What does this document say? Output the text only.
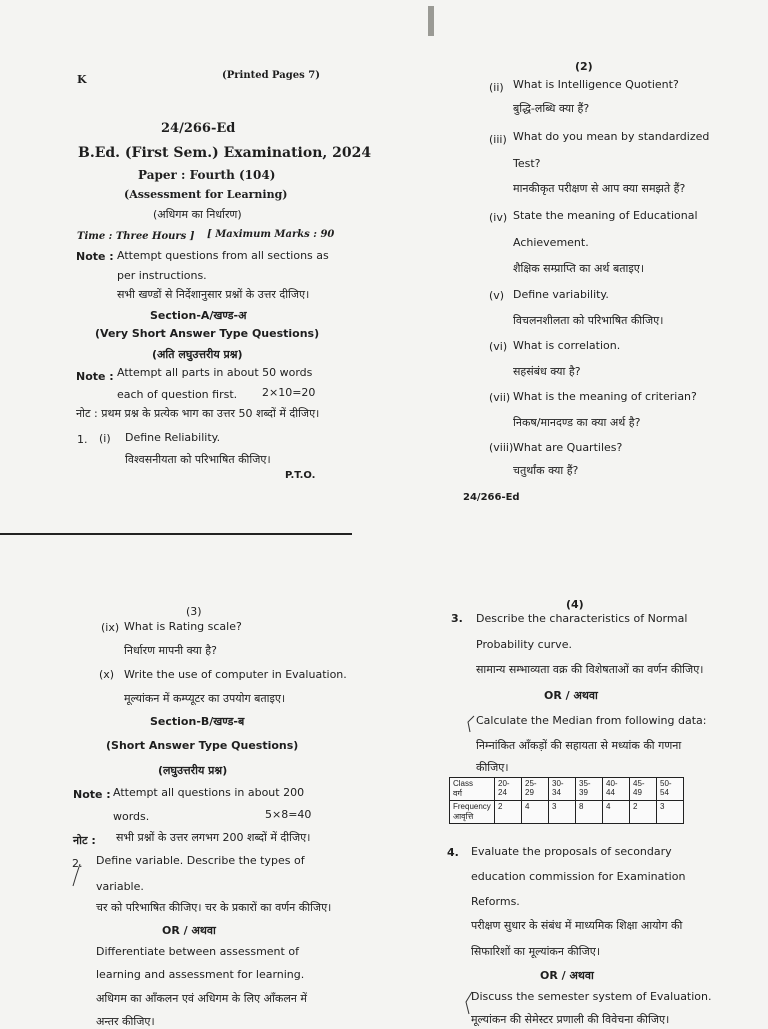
K	(Printed Pages 7)
24/266-Ed
B.Ed. (First Sem.) Examination, 2024
Paper : Fourth (104)
(Assessment for Learning)
(अधिगम का निर्धारण)
Time : Three Hours ] [ Maximum Marks : 90
Note : Attempt questions from all sections as
per instructions.
सभी खण्डों से निर्देशानुसार प्रश्नों के उत्तर दीजिए।
Section-A/खण्ड-अ
(Very Short Answer Type Questions)
(अति लघुउत्तरीय प्रश्न)
Note : Attempt all parts in about 50 words
each of question first. 2×10=20
नोट : प्रथम प्रश्न के प्रत्येक भाग का उत्तर 50 शब्दों में दीजिए।
1. (i) Define Reliability.
विश्वसनीयता को परिभाषित कीजिए।
P.T.O.
(2)
(ii) What is Intelligence Quotient?
बुद्धि-लब्धि क्या हैं?
(iii) What do you mean by standardized
Test?
मानकीकृत परीक्षण से आप क्या समझते हैं?
(iv) State the meaning of Educational
Achievement.
शैक्षिक सम्प्राप्ति का अर्थ बताइए।
(v) Define variability.
विचलनशीलता को परिभाषित कीजिए।
(vi) What is correlation.
सहसंबंध क्या है?
(vii) What is the meaning of criterian?
निकष/मानदण्ड का क्या अर्थ है?
(viii) What are Quartiles?
चतुर्थांक क्या हैं?
24/266-Ed
(3)
(ix) What is Rating scale?
निर्धारण मापनी क्या है?
(x) Write the use of computer in Evaluation.
मूल्यांकन में कम्प्यूटर का उपयोग बताइए।
Section-B/खण्ड-ब
(Short Answer Type Questions)
(लघुउत्तरीय प्रश्न)
Note : Attempt all questions in about 200
words.	5×8=40
नोट : सभी प्रश्नों के उत्तर लगभग 200 शब्दों में दीजिए।
2. Define variable. Describe the types of
variable.
चर को परिभाषित कीजिए। चर के प्रकारों का वर्णन कीजिए।
OR / अथवा
Differentiate between assessment of
learning and assessment for learning.
अधिगम का आँकलन एवं अधिगम के लिए आँकलन में
अन्तर कीजिए।
(4)
3. Describe the characteristics of Normal
Probability curve.
सामान्य सम्भाव्यता वक्र की विशेषताओं का वर्णन कीजिए।
OR / अथवा
Calculate the Median from following data:
निम्नांकित आँकड़ों की सहायता से मध्यांक की गणना
कीजिए।
Class
वर्ग	20-24	25-29	30-34	35-39	40-44	45-49	50-54

Frequency
आवृत्ति	2	4	3	8	4	2	3
4. Evaluate the proposals of secondary
education commission for Examination
Reforms.
परीक्षण सुधार के संबंध में माध्यमिक शिक्षा आयोग की
सिफारिशों का मूल्यांकन कीजिए।
OR / अथवा
Discuss the semester system of Evaluation.
मूल्यांकन की सेमेस्टर प्रणाली की विवेचना कीजिए।
